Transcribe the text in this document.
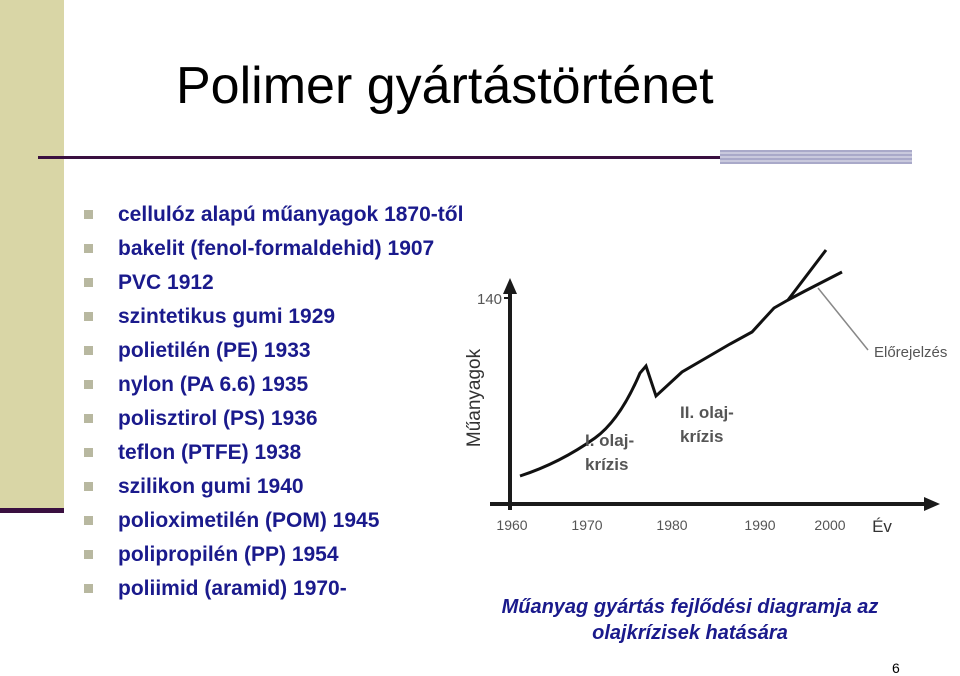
Polimer gyártástörténet
cellulóz alapú műanyagok 1870-től
bakelit (fenol-formaldehid) 1907
PVC 1912
szintetikus gumi 1929
polietilén (PE) 1933
nylon (PA 6.6) 1935
polisztirol (PS) 1936
teflon (PTFE) 1938
szilikon gumi 1940
polioximetilén (POM) 1945
polipropilén (PP) 1954
poliimid (aramid) 1970-
140
Műanyagok
1960	1970	1980	1990	2000 Év
Előrejelzés
I. olaj-
krízis
II. olaj-
krízis
Műanyag gyártás fejlődési diagramja az
olajkrízisek hatására
6
